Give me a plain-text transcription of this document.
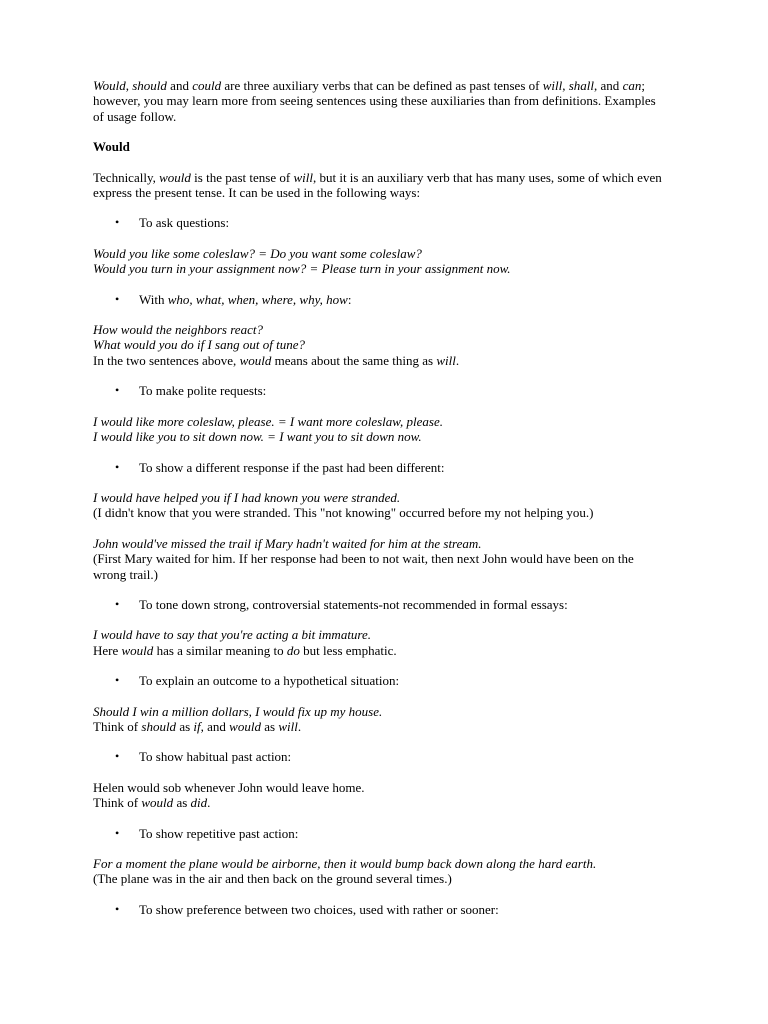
Would, should and could are three auxiliary verbs that can be defined as past tenses of will, shall, and can; however, you may learn more from seeing sentences using these auxiliaries than from definitions. Examples of usage follow.

Would

Technically, would is the past tense of will, but it is an auxiliary verb that has many uses, some of which even express the present tense. It can be used in the following ways:

• To ask questions:

Would you like some coleslaw? = Do you want some coleslaw?
Would you turn in your assignment now? = Please turn in your assignment now.

• With who, what, when, where, why, how:

How would the neighbors react?
What would you do if I sang out of tune?
In the two sentences above, would means about the same thing as will.

• To make polite requests:

I would like more coleslaw, please. = I want more coleslaw, please.
I would like you to sit down now. = I want you to sit down now.

• To show a different response if the past had been different:

I would have helped you if I had known you were stranded.
(I didn't know that you were stranded. This "not knowing" occurred before my not helping you.)

John would've missed the trail if Mary hadn't waited for him at the stream.
(First Mary waited for him. If her response had been to not wait, then next John would have been on the wrong trail.)

• To tone down strong, controversial statements-not recommended in formal essays:

I would have to say that you're acting a bit immature.
Here would has a similar meaning to do but less emphatic.

• To explain an outcome to a hypothetical situation:

Should I win a million dollars, I would fix up my house.
Think of should as if, and would as will.

• To show habitual past action:

Helen would sob whenever John would leave home.
Think of would as did.

• To show repetitive past action:

For a moment the plane would be airborne, then it would bump back down along the hard earth.
(The plane was in the air and then back on the ground several times.)

• To show preference between two choices, used with rather or sooner:
